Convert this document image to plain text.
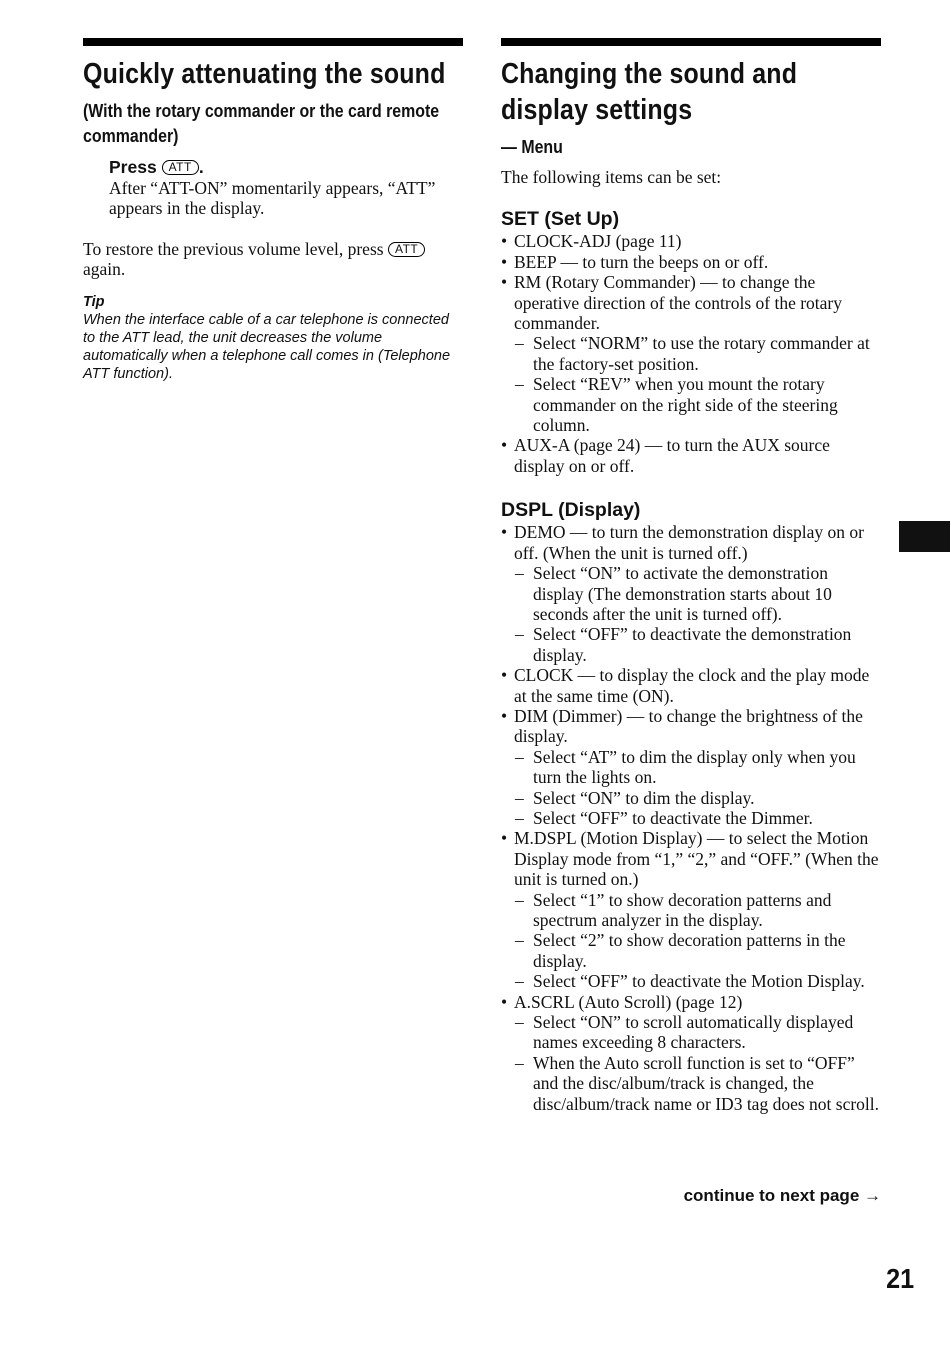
Quickly attenuating the sound
(With the rotary commander or the card remote commander)
Press ATT .
After “ATT-ON” momentarily appears, “ATT” appears in the display.
To restore the previous volume level, press ATT again.
Tip
When the interface cable of a car telephone is connected to the ATT lead, the unit decreases the volume automatically when a telephone call comes in (Telephone ATT function).
Changing the sound and display settings
— Menu
The following items can be set:
SET (Set Up)
• CLOCK-ADJ (page 11)
• BEEP — to turn the beeps on or off.
• RM (Rotary Commander) — to change the operative direction of the controls of the rotary commander.
– Select “NORM” to use the rotary commander at the factory-set position.
– Select “REV” when you mount the rotary commander on the right side of the steering column.
• AUX-A (page 24) — to turn the AUX source display on or off.
DSPL (Display)
• DEMO — to turn the demonstration display on or off. (When the unit is turned off.)
– Select “ON” to activate the demonstration display (The demonstration starts about 10 seconds after the unit is turned off).
– Select “OFF” to deactivate the demonstration display.
• CLOCK — to display the clock and the play mode at the same time (ON).
• DIM (Dimmer) — to change the brightness of the display.
– Select “AT” to dim the display only when you turn the lights on.
– Select “ON” to dim the display.
– Select “OFF” to deactivate the Dimmer.
• M.DSPL (Motion Display) — to select the Motion Display mode from “1,” “2,” and “OFF.” (When the unit is turned on.)
– Select “1” to show decoration patterns and spectrum analyzer in the display.
– Select “2” to show decoration patterns in the display.
– Select “OFF” to deactivate the Motion Display.
• A.SCRL (Auto Scroll) (page 12)
– Select “ON” to scroll automatically displayed names exceeding 8 characters.
– When the Auto scroll function is set to “OFF” and the disc/album/track is changed, the disc/album/track name or ID3 tag does not scroll.
continue to next page →
21
